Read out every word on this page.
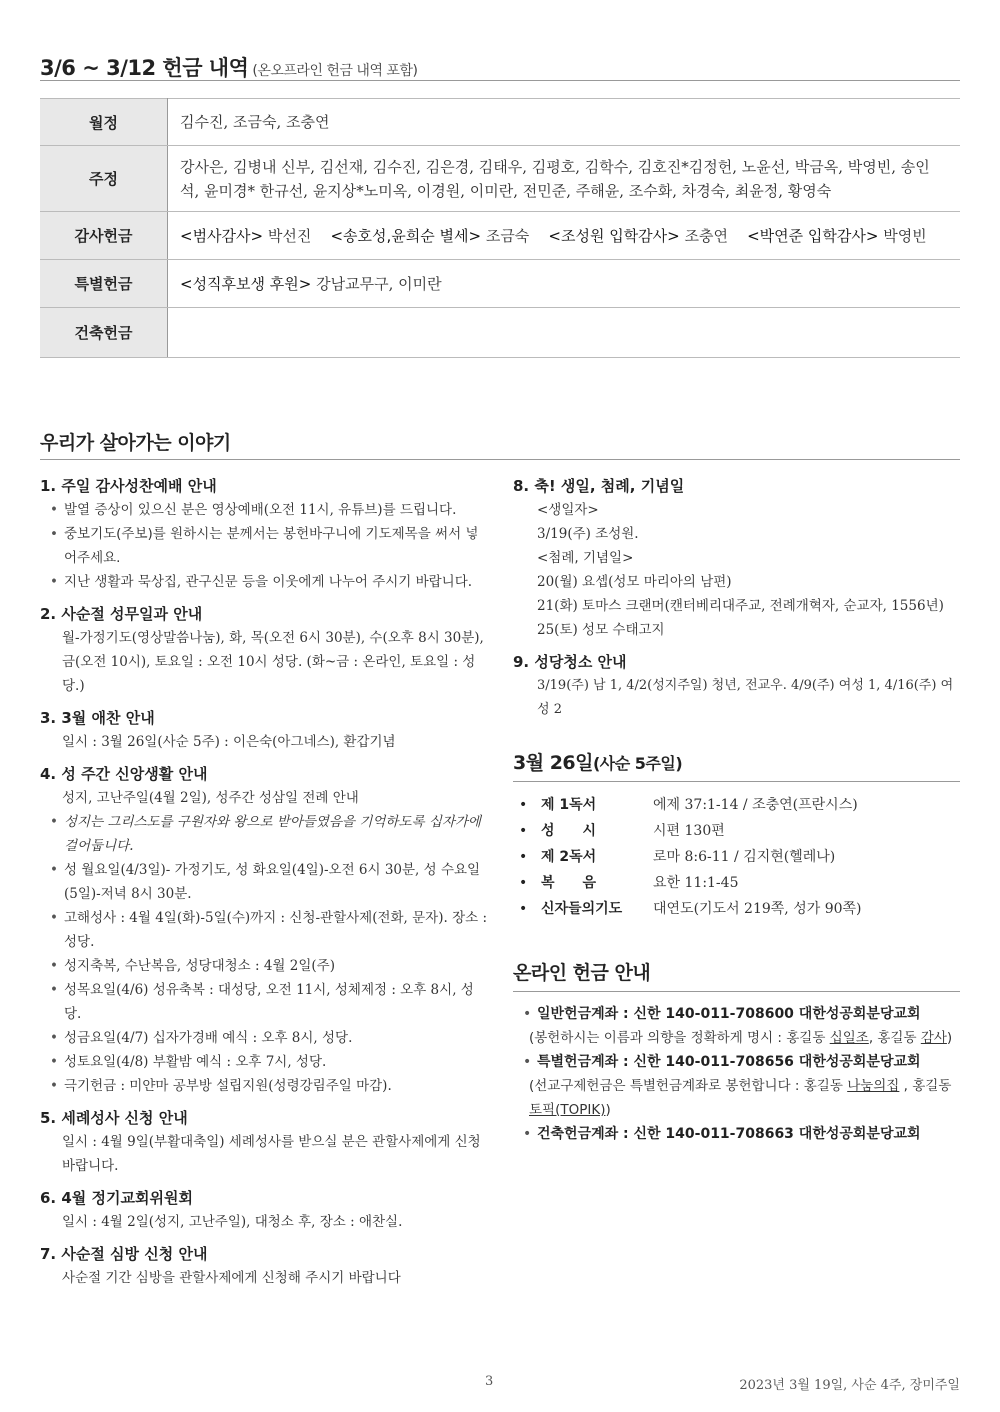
3/6 ~ 3/12 헌금 내역 (온오프라인 헌금 내역 포함)
월정	김수진, 조금숙, 조충연
주정	강사은, 김병내 신부, 김선재, 김수진, 김은경, 김태우, 김평호, 김학수, 김호진*김정헌, 노윤선, 박금옥, 박영빈, 송인석, 윤미경* 한규선, 윤지상*노미옥, 이경원, 이미란, 전민준, 주해윤, 조수화, 차경숙, 최윤정, 황영숙
감사헌금	<범사감사> 박선진 <송호성,윤희순 별세> 조금숙 <조성원 입학감사> 조충연 <박연준 입학감사> 박영빈
특별헌금	<성직후보생 후원> 강남교무구, 이미란
건축헌금	
우리가 살아가는 이야기
1. 주일 감사성찬예배 안내
• 발열 증상이 있으신 분은 영상예배(오전 11시, 유튜브)를 드립니다.
• 중보기도(주보)를 원하시는 분께서는 봉헌바구니에 기도제목을 써서 넣어주세요.
• 지난 생활과 묵상집, 관구신문 등을 이웃에게 나누어 주시기 바랍니다.
2. 사순절 성무일과 안내
월-가정기도(영상말씀나눔), 화, 목(오전 6시 30분), 수(오후 8시 30분), 금(오전 10시), 토요일 : 오전 10시 성당. (화~금 : 온라인, 토요일 : 성당.)
3. 3월 애찬 안내
일시 : 3월 26일(사순 5주) : 이은숙(아그네스), 환갑기념
4. 성 주간 신앙생활 안내
성지, 고난주일(4월 2일), 성주간 성삼일 전례 안내
• 성지는 그리스도를 구원자와 왕으로 받아들였음을 기억하도록 십자가에 걸어둡니다.
• 성 월요일(4/3일)- 가정기도, 성 화요일(4일)-오전 6시 30분, 성 수요일(5일)-저녁 8시 30분.
• 고해성사 : 4월 4일(화)-5일(수)까지 : 신청-관할사제(전화, 문자). 장소 : 성당.
• 성지축복, 수난복음, 성당대청소 : 4월 2일(주)
• 성목요일(4/6) 성유축복 : 대성당, 오전 11시, 성체제정 : 오후 8시, 성당.
• 성금요일(4/7) 십자가경배 예식 : 오후 8시, 성당.
• 성토요일(4/8) 부활밤 예식 : 오후 7시, 성당.
• 극기헌금 : 미얀마 공부방 설립지원(성령강림주일 마감).
5. 세례성사 신청 안내
일시 : 4월 9일(부활대축일) 세례성사를 받으실 분은 관할사제에게 신청바랍니다.
6. 4월 정기교회위원회
일시 : 4월 2일(성지, 고난주일), 대청소 후, 장소 : 애찬실.
7. 사순절 심방 신청 안내
사순절 기간 심방을 관할사제에게 신청해 주시기 바랍니다
8. 축! 생일, 첨례, 기념일
<생일자>
3/19(주) 조성원.
<첨례, 기념일>
20(월) 요셉(성모 마리아의 남편)
21(화) 토마스 크랜머(캔터베리대주교, 전례개혁자, 순교자, 1556년)
25(토) 성모 수태고지
9. 성당청소 안내
3/19(주) 남 1, 4/2(성지주일) 청년, 전교우. 4/9(주) 여성 1, 4/16(주) 여성 2
3월 26일(사순 5주일)
• 제 1독서	에제 37:1-14 / 조충연(프란시스)
• 성　　시	시편 130편
• 제 2독서	로마 8:6-11 / 김지현(헬레나)
• 복　　음	요한 11:1-45
• 신자들의기도	대연도(기도서 219쪽, 성가 90쪽)
온라인 헌금 안내
• 일반헌금계좌 : 신한 140-011-708600 대한성공회분당교회
(봉헌하시는 이름과 의향을 정확하게 명시 : 홍길동 십일조, 홍길동 감사)
• 특별헌금계좌 : 신한 140-011-708656 대한성공회분당교회
(선교구제헌금은 특별헌금계좌로 봉헌합니다 : 홍길동 나눔의집 , 홍길동 토픽(TOPIK))
• 건축헌금계좌 : 신한 140-011-708663 대한성공회분당교회
3	2023년 3월 19일, 사순 4주, 장미주일
